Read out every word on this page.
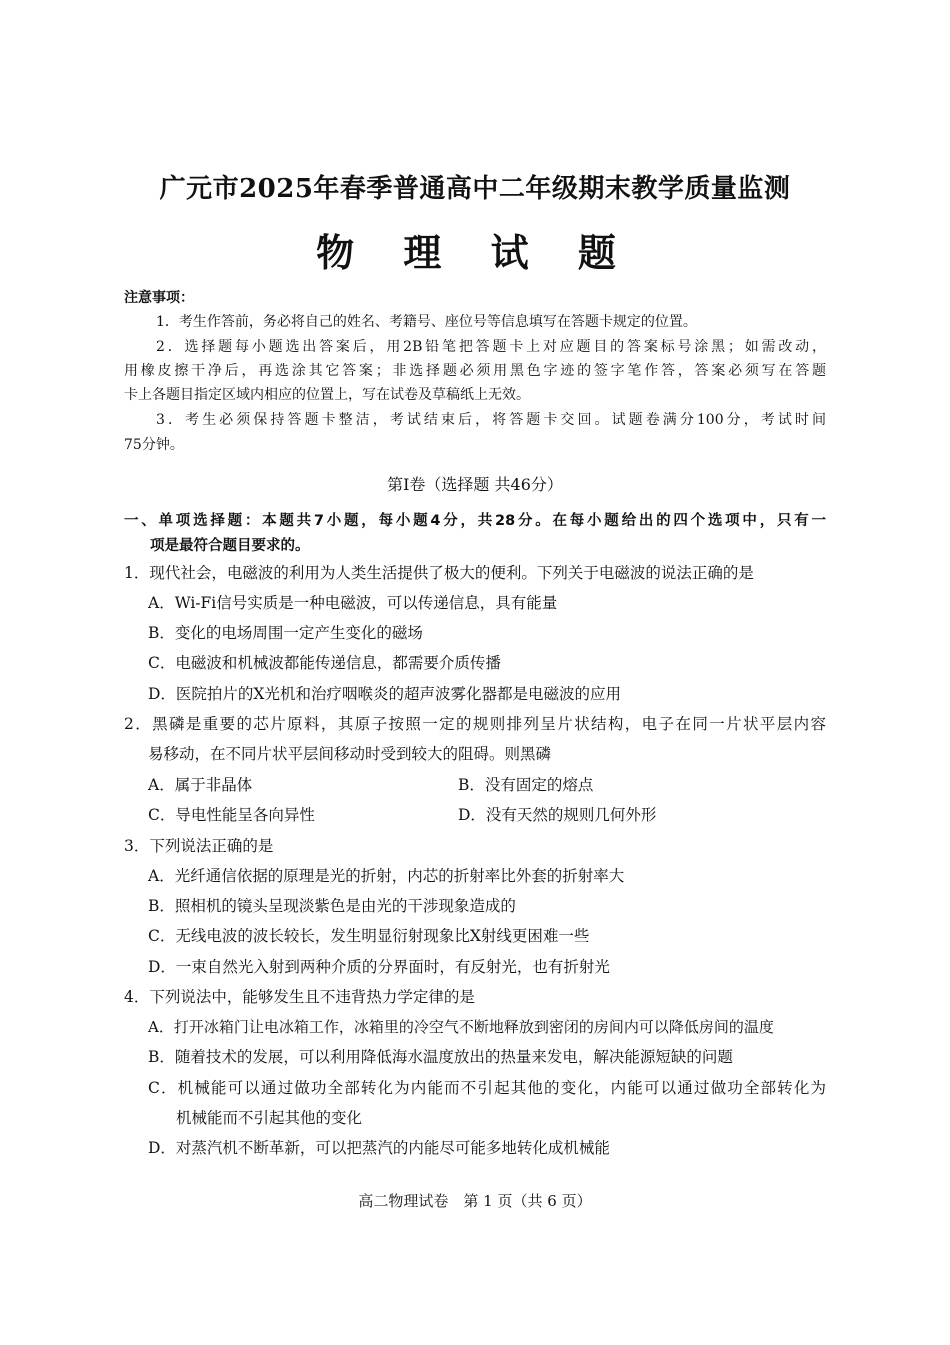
广元市2025年春季普通高中二年级期末教学质量监测
物 理 试 题
注意事项：
1．考生作答前，务必将自己的姓名、考籍号、座位号等信息填写在答题卡规定的位置。
2．选择题每小题选出答案后，用2B铅笔把答题卡上对应题目的答案标号涂黑；如需改动，
用橡皮擦干净后，再选涂其它答案；非选择题必须用黑色字迹的签字笔作答，答案必须写在答题
卡上各题目指定区域内相应的位置上，写在试卷及草稿纸上无效。
3．考生必须保持答题卡整洁，考试结束后，将答题卡交回。试题卷满分100分，考试时间
75分钟。
第Ⅰ卷（选择题 共46分）
一、单项选择题：本题共7小题，每小题4分，共28分。在每小题给出的四个选项中，只有一
项是最符合题目要求的。
1．现代社会，电磁波的利用为人类生活提供了极大的便利。下列关于电磁波的说法正确的是
A．Wi-Fi信号实质是一种电磁波，可以传递信息，具有能量
B．变化的电场周围一定产生变化的磁场
C．电磁波和机械波都能传递信息，都需要介质传播
D．医院拍片的X光机和治疗咽喉炎的超声波雾化器都是电磁波的应用
2．黑磷是重要的芯片原料，其原子按照一定的规则排列呈片状结构，电子在同一片状平层内容
易移动，在不同片状平层间移动时受到较大的阻碍。则黑磷
A．属于非晶体	B．没有固定的熔点
C．导电性能呈各向异性	D．没有天然的规则几何外形
3．下列说法正确的是
A．光纤通信依据的原理是光的折射，内芯的折射率比外套的折射率大
B．照相机的镜头呈现淡紫色是由光的干涉现象造成的
C．无线电波的波长较长，发生明显衍射现象比X射线更困难一些
D．一束自然光入射到两种介质的分界面时，有反射光，也有折射光
4．下列说法中，能够发生且不违背热力学定律的是
A．打开冰箱门让电冰箱工作，冰箱里的冷空气不断地释放到密闭的房间内可以降低房间的温度
B．随着技术的发展，可以利用降低海水温度放出的热量来发电，解决能源短缺的问题
C．机械能可以通过做功全部转化为内能而不引起其他的变化，内能可以通过做功全部转化为
机械能而不引起其他的变化
D．对蒸汽机不断革新，可以把蒸汽的内能尽可能多地转化成机械能
高二物理试卷　第 1 页（共 6 页）
